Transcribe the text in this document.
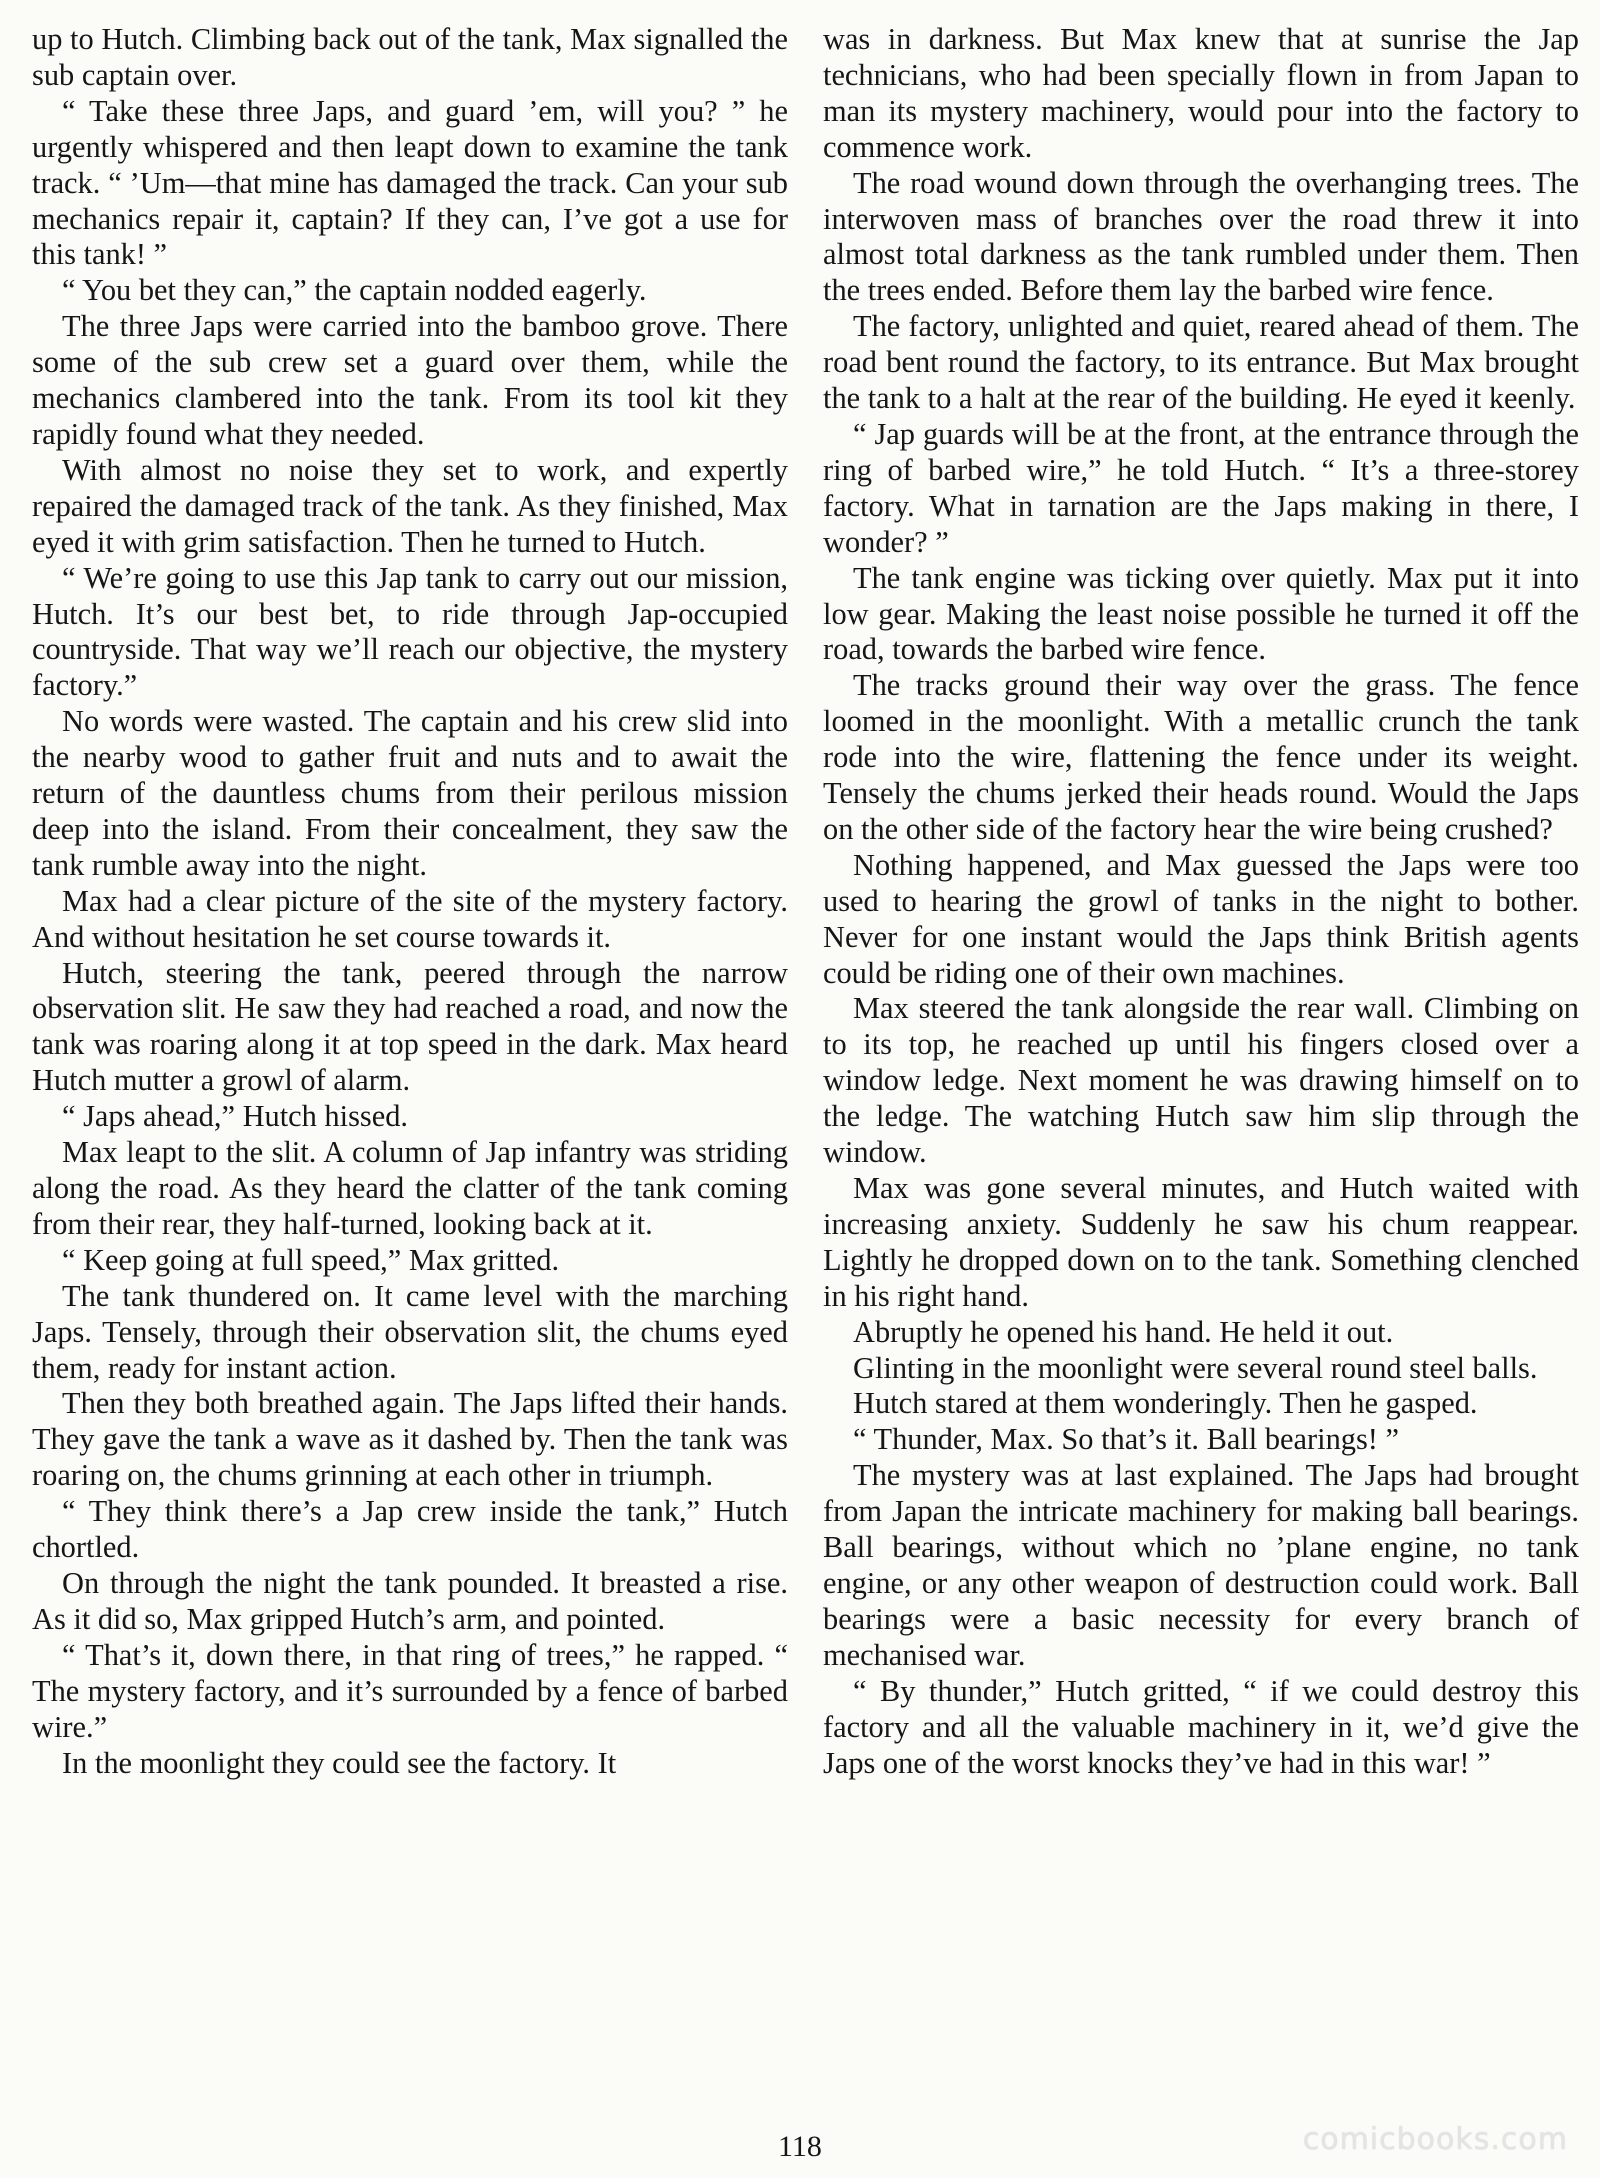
up to Hutch. Climbing back out of the tank, Max signalled the sub captain over.

“ Take these three Japs, and guard ’em, will you? ” he urgently whispered and then leapt down to examine the tank track. “ ’Um—that mine has damaged the track. Can your sub mechanics repair it, captain? If they can, I’ve got a use for this tank! ”

“ You bet they can,” the captain nodded eagerly.

The three Japs were carried into the bamboo grove. There some of the sub crew set a guard over them, while the mechanics clambered into the tank. From its tool kit they rapidly found what they needed.

With almost no noise they set to work, and expertly repaired the damaged track of the tank. As they finished, Max eyed it with grim satisfaction. Then he turned to Hutch.

“ We’re going to use this Jap tank to carry out our mission, Hutch. It’s our best bet, to ride through Jap-occupied countryside. That way we’ll reach our objective, the mystery factory.”

No words were wasted. The captain and his crew slid into the nearby wood to gather fruit and nuts and to await the return of the dauntless chums from their perilous mission deep into the island. From their concealment, they saw the tank rumble away into the night.

Max had a clear picture of the site of the mystery factory. And without hesitation he set course towards it.

Hutch, steering the tank, peered through the narrow observation slit. He saw they had reached a road, and now the tank was roaring along it at top speed in the dark. Max heard Hutch mutter a growl of alarm.

“ Japs ahead,” Hutch hissed.

Max leapt to the slit. A column of Jap infantry was striding along the road. As they heard the clatter of the tank coming from their rear, they half-turned, looking back at it.

“ Keep going at full speed,” Max gritted.

The tank thundered on. It came level with the marching Japs. Tensely, through their observation slit, the chums eyed them, ready for instant action.

Then they both breathed again. The Japs lifted their hands. They gave the tank a wave as it dashed by. Then the tank was roaring on, the chums grinning at each other in triumph.

“ They think there’s a Jap crew inside the tank,” Hutch chortled.

On through the night the tank pounded. It breasted a rise. As it did so, Max gripped Hutch’s arm, and pointed.

“ That’s it, down there, in that ring of trees,” he rapped. “ The mystery factory, and it’s surrounded by a fence of barbed wire.”

In the moonlight they could see the factory. It

was in darkness. But Max knew that at sunrise the Jap technicians, who had been specially flown in from Japan to man its mystery machinery, would pour into the factory to commence work.

The road wound down through the overhanging trees. The interwoven mass of branches over the road threw it into almost total darkness as the tank rumbled under them. Then the trees ended. Before them lay the barbed wire fence.

The factory, unlighted and quiet, reared ahead of them. The road bent round the factory, to its entrance. But Max brought the tank to a halt at the rear of the building. He eyed it keenly.

“ Jap guards will be at the front, at the entrance through the ring of barbed wire,” he told Hutch. “ It’s a three-storey factory. What in tarnation are the Japs making in there, I wonder? ”

The tank engine was ticking over quietly. Max put it into low gear. Making the least noise possible he turned it off the road, towards the barbed wire fence.

The tracks ground their way over the grass. The fence loomed in the moonlight. With a metallic crunch the tank rode into the wire, flattening the fence under its weight. Tensely the chums jerked their heads round. Would the Japs on the other side of the factory hear the wire being crushed?

Nothing happened, and Max guessed the Japs were too used to hearing the growl of tanks in the night to bother. Never for one instant would the Japs think British agents could be riding one of their own machines.

Max steered the tank alongside the rear wall. Climbing on to its top, he reached up until his fingers closed over a window ledge. Next moment he was drawing himself on to the ledge. The watching Hutch saw him slip through the window.

Max was gone several minutes, and Hutch waited with increasing anxiety. Suddenly he saw his chum reappear. Lightly he dropped down on to the tank. Something clenched in his right hand.

Abruptly he opened his hand. He held it out.

Glinting in the moonlight were several round steel balls.

Hutch stared at them wonderingly. Then he gasped.

“ Thunder, Max. So that’s it. Ball bearings! ”

The mystery was at last explained. The Japs had brought from Japan the intricate machinery for making ball bearings. Ball bearings, without which no ’plane engine, no tank engine, or any other weapon of destruction could work. Ball bearings were a basic necessity for every branch of mechanised war.

“ By thunder,” Hutch gritted, “ if we could destroy this factory and all the valuable machinery in it, we’d give the Japs one of the worst knocks they’ve had in this war! ”

118	comicbooks.com
